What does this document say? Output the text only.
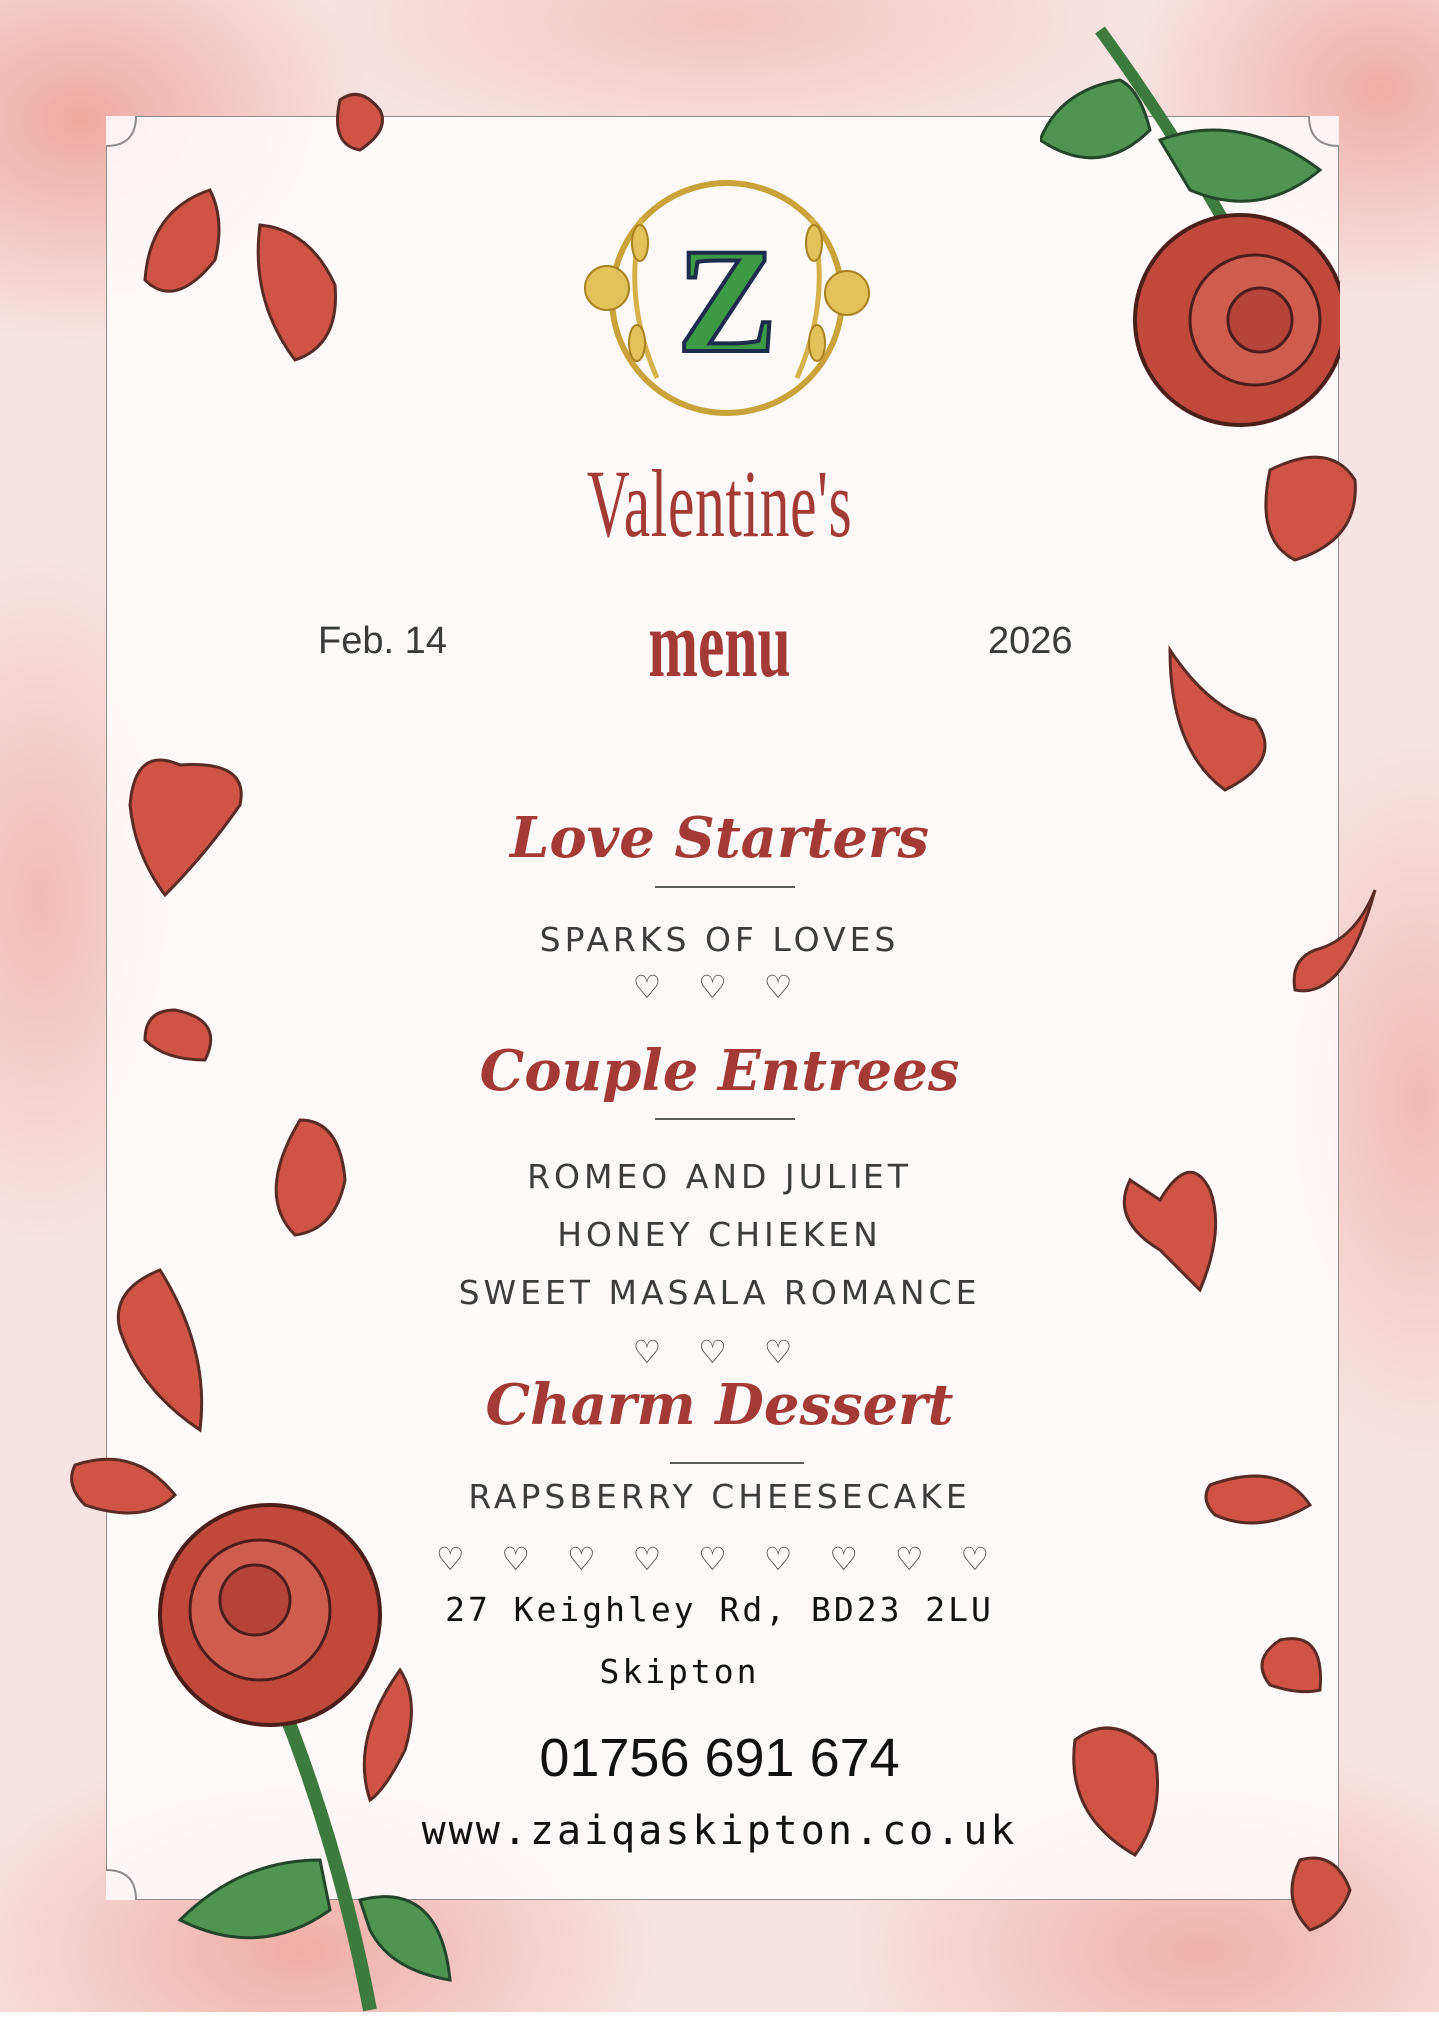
Z
Valentine's
menu
Feb. 14	2026
Love Starters
SPARKS OF LOVES
♡ ♡ ♡
Couple Entrees
ROMEO AND JULIET
HONEY CHIEKEN
SWEET MASALA ROMANCE
♡ ♡ ♡
Charm Dessert
RAPSBERRY CHEESECAKE
♡ ♡ ♡ ♡ ♡ ♡ ♡ ♡ ♡
27 Keighley Rd, BD23 2LU
Skipton
01756 691 674
www.zaiqaskipton.co.uk
